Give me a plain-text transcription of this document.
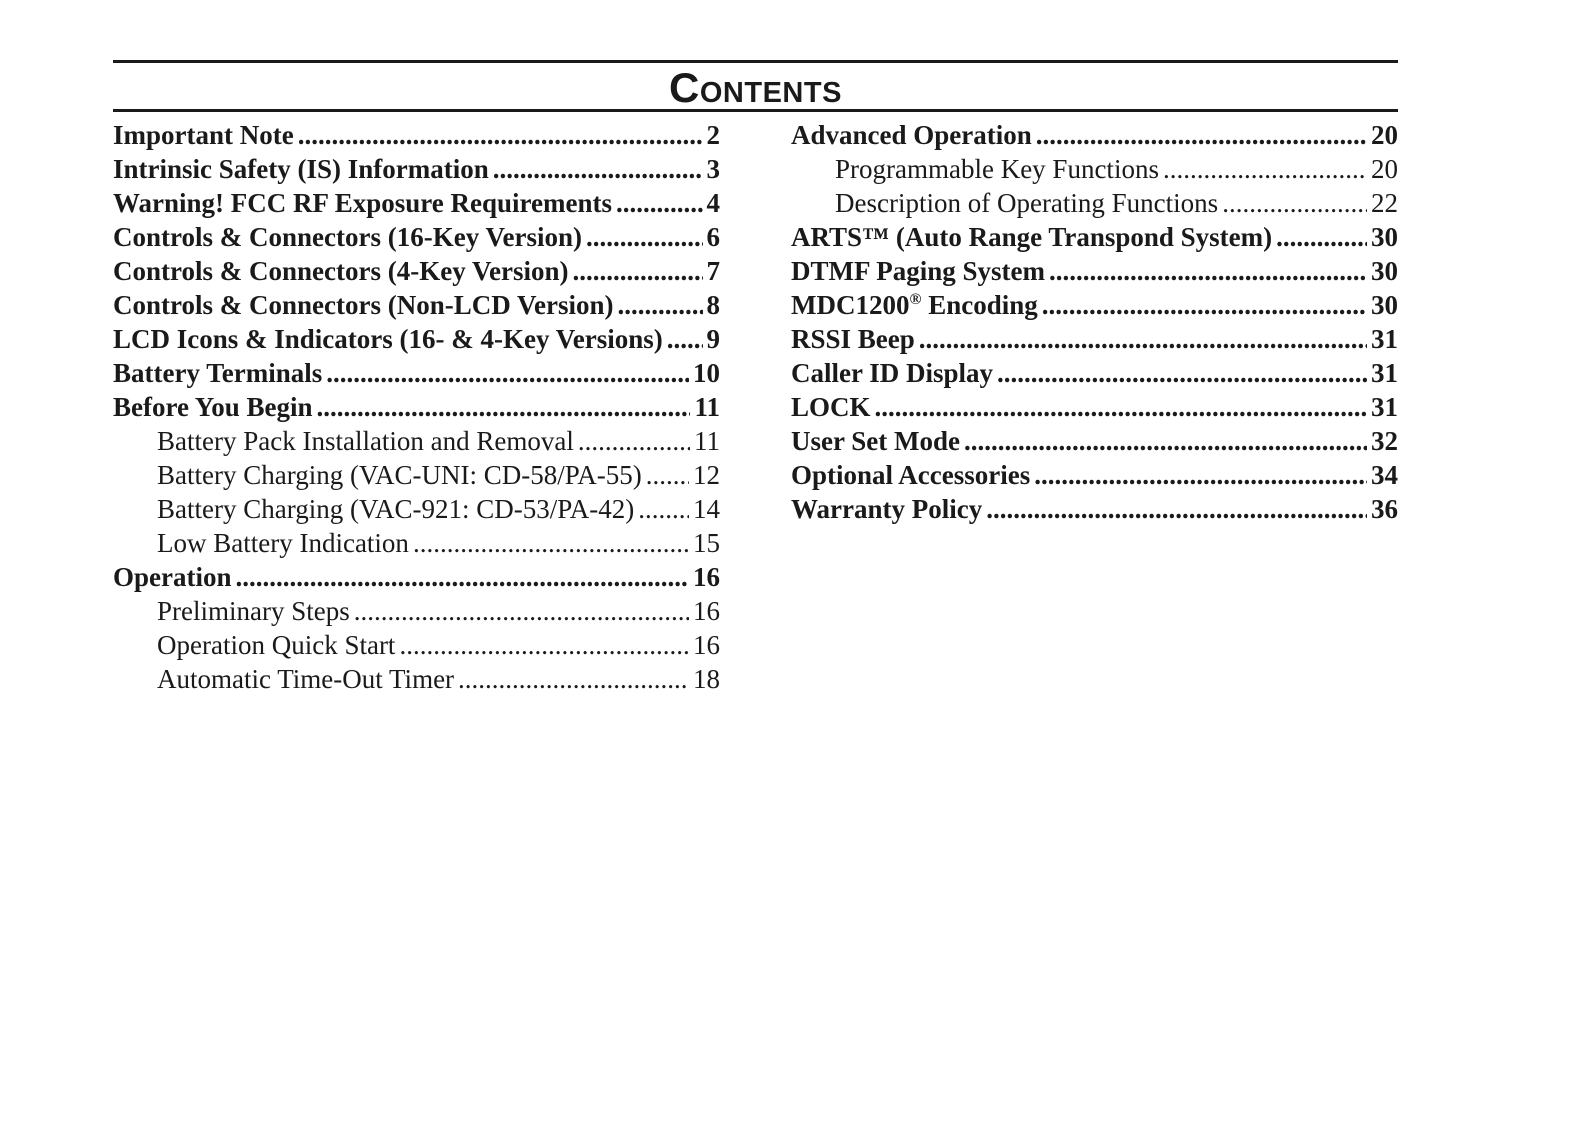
Contents
Important Note .....	2
Intrinsic Safety (IS) Information .....	3
Warning! FCC RF Exposure Requirements .....	4
Controls & Connectors (16-Key Version) .....	6
Controls & Connectors (4-Key Version) .....	7
Controls & Connectors (Non-LCD Version) .....	8
LCD Icons & Indicators (16- & 4-Key Versions) ..... 9
Battery Terminals .....	10
Before You Begin .....	11
Battery Pack Installation and Removal .....	11
Battery Charging (VAC-UNI: CD-58/PA-55) ..... 12
Battery Charging (VAC-921: CD-53/PA-42) ..... 14
Low Battery Indication .....	15
Operation .....	16
Preliminary Steps .....	16
Operation Quick Start .....	16
Automatic Time-Out Timer .....	18
Advanced Operation .....	20
Programmable Key Functions .....	20
Description of Operating Functions .....	22
ARTS™ (Auto Range Transpond System) .....	30
DTMF Paging System .....	30
MDC1200® Encoding .....	30
RSSI Beep .....	31
Caller ID Display .....	31
LOCK .....	31
User Set Mode .....	32
Optional Accessories .....	34
Warranty Policy .....	36
